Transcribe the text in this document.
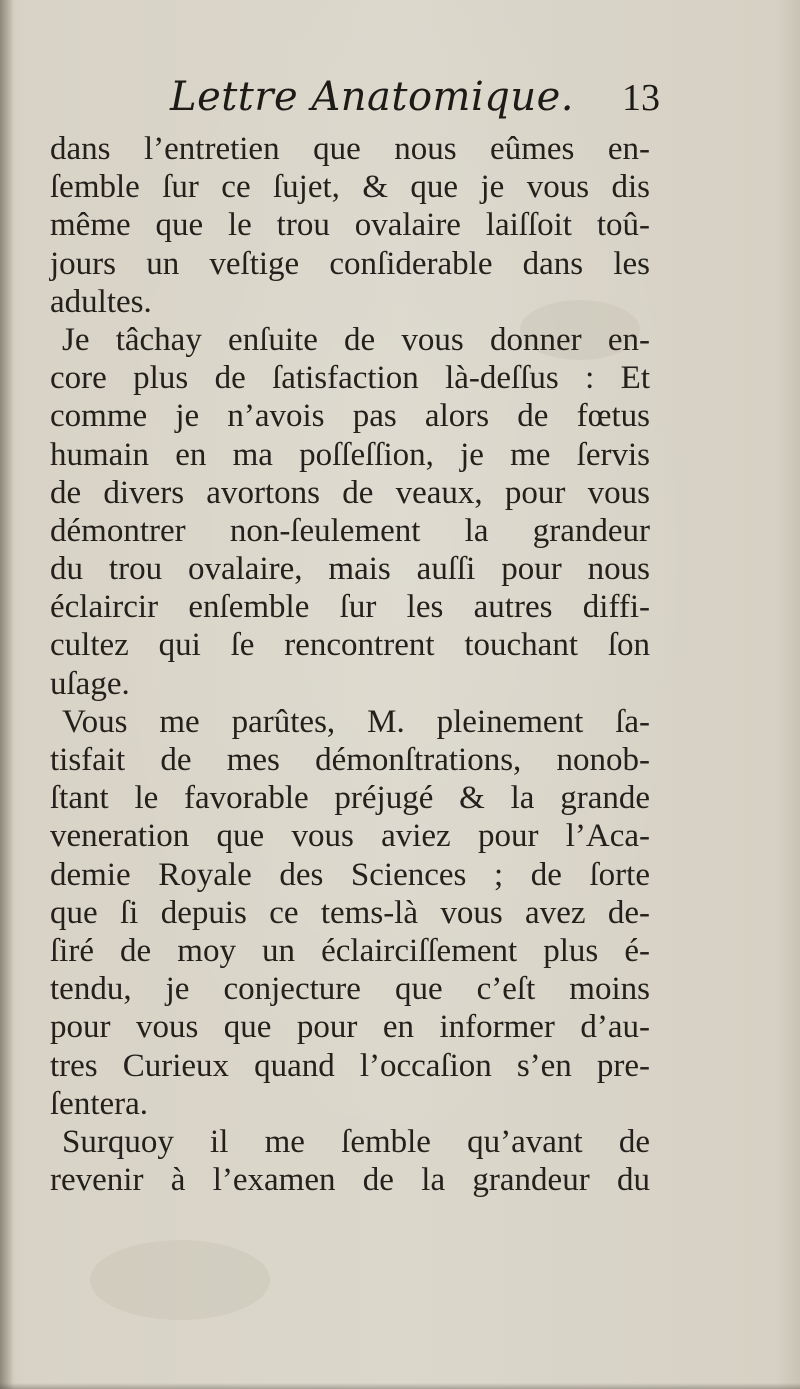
Lettre Anatomique. 13
dans l’entretien que nous eûmes en-
ſemble ſur ce ſujet, & que je vous dis
même que le trou ovalaire laiſſoit toû-
jours un veſtige conſiderable dans les
adultes.
Je tâchay enſuite de vous donner en-
core plus de ſatisfaction là-deſſus : Et
comme je n’avois pas alors de fœtus
humain en ma poſſeſſion, je me ſervis
de divers avortons de veaux, pour vous
démontrer non-ſeulement la grandeur
du trou ovalaire, mais auſſi pour nous
éclaircir enſemble ſur les autres diffi-
cultez qui ſe rencontrent touchant ſon
uſage.
Vous me parûtes, M. pleinement ſa-
tisfait de mes démonſtrations, nonob-
ſtant le favorable préjugé & la grande
veneration que vous aviez pour l’Aca-
demie Royale des Sciences ; de ſorte
que ſi depuis ce tems-là vous avez de-
ſiré de moy un éclairciſſement plus é-
tendu, je conjecture que c’eſt moins
pour vous que pour en informer d’au-
tres Curieux quand l’occaſion s’en pre-
ſentera.
Surquoy il me ſemble qu’avant de
revenir à l’examen de la grandeur du
